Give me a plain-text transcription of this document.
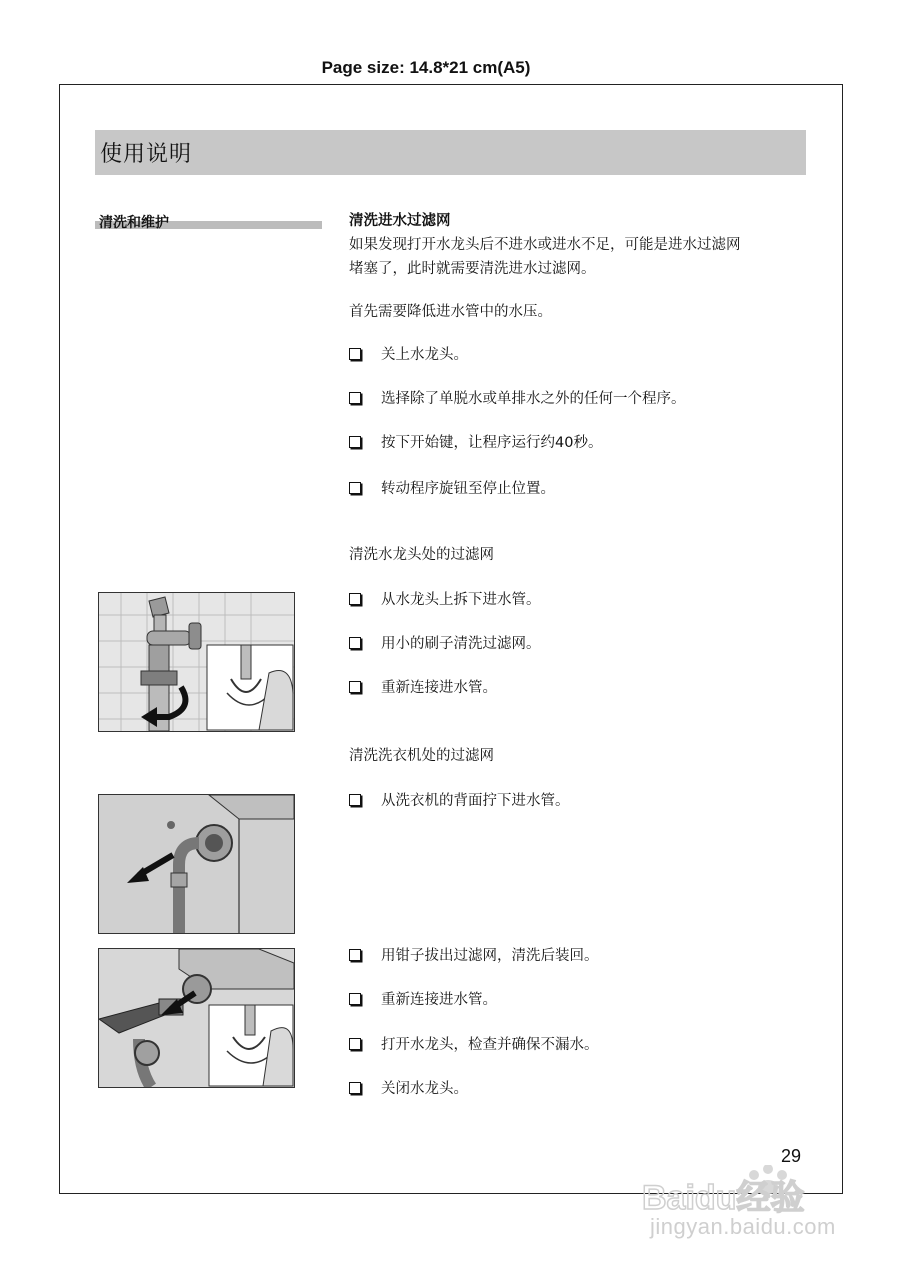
Page size: 14.8*21 cm(A5)
使用说明
清洗和维护	清洗进水过滤网
如果发现打开水龙头后不进水或进水不足，可能是进水过滤网
堵塞了，此时就需要清洗进水过滤网。
首先需要降低进水管中的水压。
关上水龙头。
选择除了单脱水或单排水之外的任何一个程序。
按下开始键，让程序运行约40秒。
转动程序旋钮至停止位置。
清洗水龙头处的过滤网
从水龙头上拆下进水管。
用小的刷子清洗过滤网。
重新连接进水管。
清洗洗衣机处的过滤网
从洗衣机的背面拧下进水管。
用钳子拔出过滤网，清洗后装回。
重新连接进水管。
打开水龙头，检查并确保不漏水。
关闭水龙头。
29
Baidu经验
jingyan.baidu.com
